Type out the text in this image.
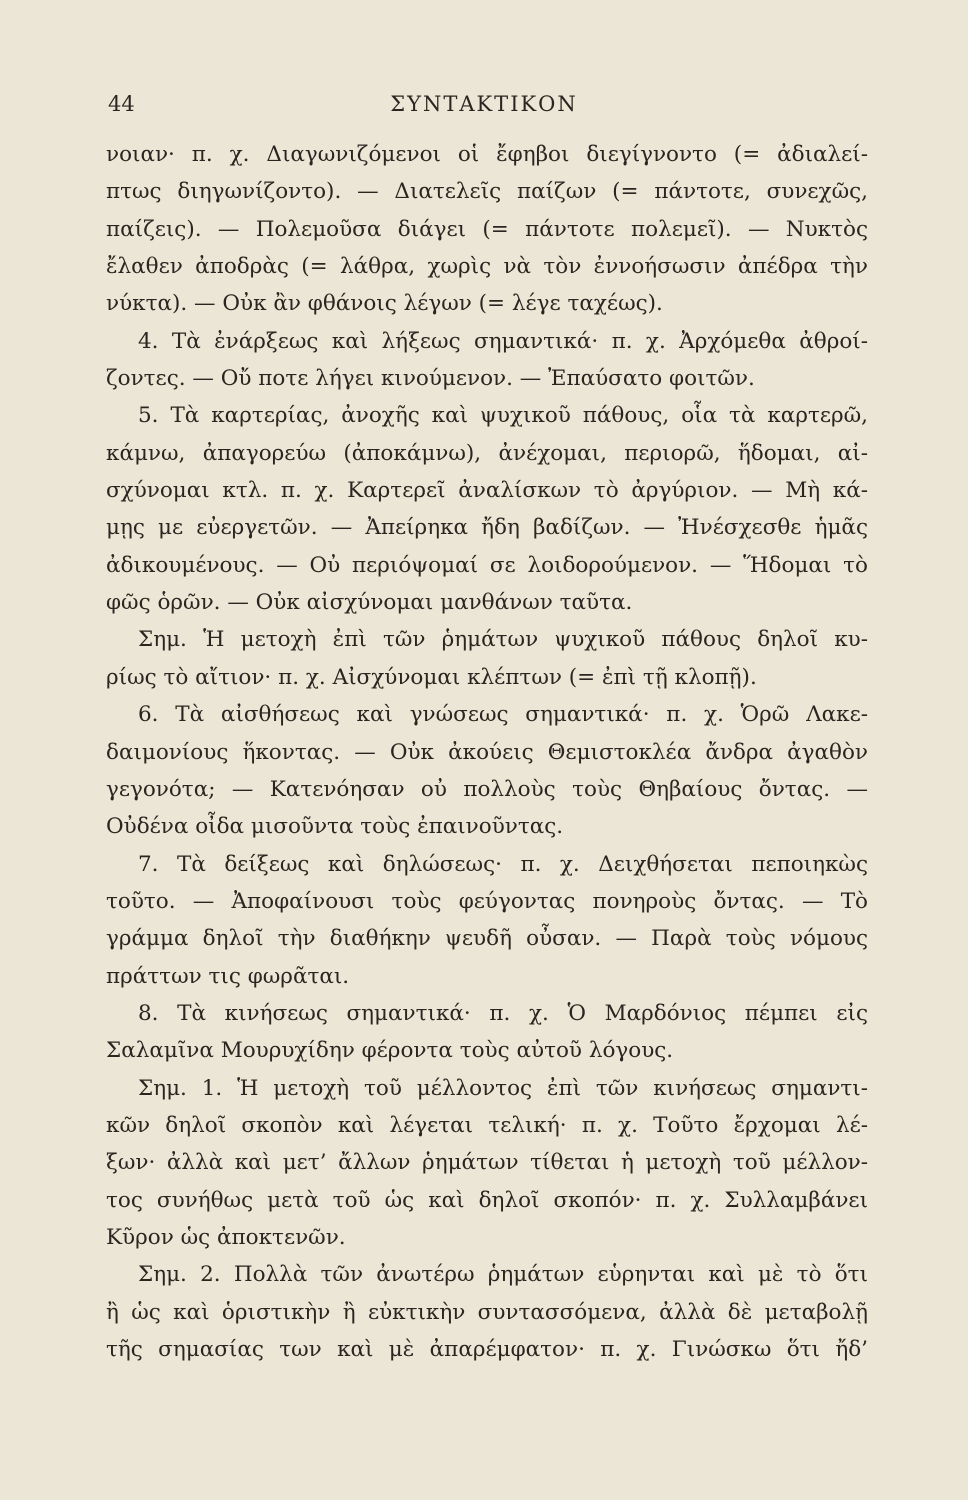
44	ΣΥΝΤΑΚΤΙΚΟΝ
νοιαν· π. χ. Διαγωνιζόμενοι οἱ ἔφηβοι διεγίγνοντο (= ἀδιαλεί-
πτως διηγωνίζοντο). — Διατελεῖς παίζων (= πάντοτε, συνεχῶς,
παίζεις). — Πολεμοῦσα διάγει (= πάντοτε πολεμεῖ). — Νυκτὸς
ἔλαθεν ἀποδρὰς (= λάθρα, χωρὶς νὰ τὸν ἐννοήσωσιν ἀπέδρα τὴν
νύκτα). — Οὐκ ἂν φθάνοις λέγων (= λέγε ταχέως).
4. Τὰ ἐνάρξεως καὶ λήξεως σημαντικά· π. χ. Ἀρχόμεθα ἀθροί-
ζοντες. — Οὔ ποτε λήγει κινούμενον. — Ἐπαύσατο φοιτῶν.
5. Τὰ καρτερίας, ἀνοχῆς καὶ ψυχικοῦ πάθους, οἷα τὰ καρτερῶ,
κάμνω, ἀπαγορεύω (ἀποκάμνω), ἀνέχομαι, περιορῶ, ἥδομαι, αἰ-
σχύνομαι κτλ. π. χ. Καρτερεῖ ἀναλίσκων τὸ ἀργύριον. — Μὴ κά-
μῃς με εὐεργετῶν. — Ἀπείρηκα ἤδη βαδίζων. — Ἠνέσχεσθε ἡμᾶς
ἀδικουμένους. — Οὐ περιόψομαί σε λοιδορούμενον. — Ἥδομαι τὸ
φῶς ὁρῶν. — Οὐκ αἰσχύνομαι μανθάνων ταῦτα.
Σημ. Ἡ μετοχὴ ἐπὶ τῶν ῥημάτων ψυχικοῦ πάθους δηλοῖ κυ-
ρίως τὸ αἴτιον· π. χ. Αἰσχύνομαι κλέπτων (= ἐπὶ τῇ κλοπῇ).
6. Τὰ αἰσθήσεως καὶ γνώσεως σημαντικά· π. χ. Ὁρῶ Λακε-
δαιμονίους ἥκοντας. — Οὐκ ἀκούεις Θεμιστοκλέα ἄνδρα ἀγαθὸν
γεγονότα; — Κατενόησαν οὐ πολλοὺς τοὺς Θηβαίους ὄντας. —
Οὐδένα οἶδα μισοῦντα τοὺς ἐπαινοῦντας.
7. Τὰ δείξεως καὶ δηλώσεως· π. χ. Δειχθήσεται πεποιηκὼς
τοῦτο. — Ἀποφαίνουσι τοὺς φεύγοντας πονηροὺς ὄντας. — Τὸ
γράμμα δηλοῖ τὴν διαθήκην ψευδῆ οὖσαν. — Παρὰ τοὺς νόμους
πράττων τις φωρᾶται.
8. Τὰ κινήσεως σημαντικά· π. χ. Ὁ Μαρδόνιος πέμπει εἰς
Σαλαμῖνα Μουρυχίδην φέροντα τοὺς αὐτοῦ λόγους.
Σημ. 1. Ἡ μετοχὴ τοῦ μέλλοντος ἐπὶ τῶν κινήσεως σημαντι-
κῶν δηλοῖ σκοπὸν καὶ λέγεται τελική· π. χ. Τοῦτο ἔρχομαι λέ-
ξων· ἀλλὰ καὶ μετ’ ἄλλων ῥημάτων τίθεται ἡ μετοχὴ τοῦ μέλλον-
τος συνήθως μετὰ τοῦ ὡς καὶ δηλοῖ σκοπόν· π. χ. Συλλαμβάνει
Κῦρον ὡς ἀποκτενῶν.
Σημ. 2. Πολλὰ τῶν ἀνωτέρω ῥημάτων εὑρηνται καὶ μὲ τὸ ὅτι
ἢ ὡς καὶ ὁριστικὴν ἢ εὐκτικὴν συντασσόμενα, ἀλλὰ δὲ μεταβολῇ
τῆς σημασίας των καὶ μὲ ἀπαρέμφατον· π. χ. Γινώσκω ὅτι ἤδ’
